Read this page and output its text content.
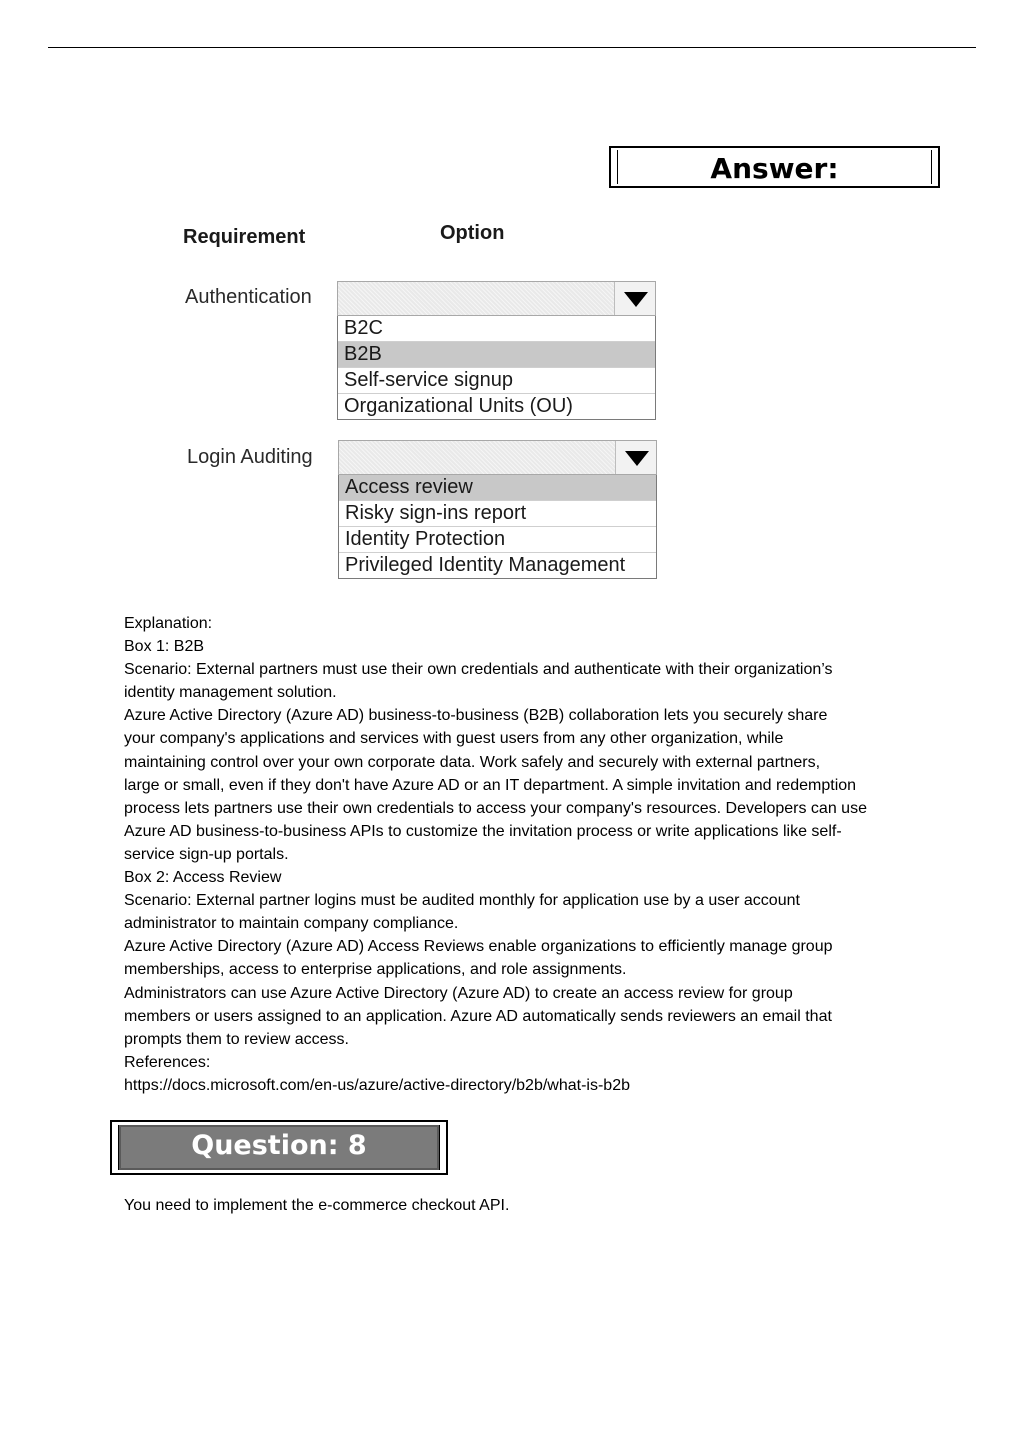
Answer:
Requirement	Option
Authentication
B2C
B2B
Self-service signup
Organizational Units (OU)
Login Auditing
Access review
Risky sign-ins report
Identity Protection
Privileged Identity Management
Explanation:
Box 1: B2B
Scenario: External partners must use their own credentials and authenticate with their organization’s
identity management solution.
Azure Active Directory (Azure AD) business-to-business (B2B) collaboration lets you securely share
your company's applications and services with guest users from any other organization, while
maintaining control over your own corporate data. Work safely and securely with external partners,
large or small, even if they don't have Azure AD or an IT department. A simple invitation and redemption
process lets partners use their own credentials to access your company's resources. Developers can use
Azure AD business-to-business APIs to customize the invitation process or write applications like self-
service sign-up portals.
Box 2: Access Review
Scenario: External partner logins must be audited monthly for application use by a user account
administrator to maintain company compliance.
Azure Active Directory (Azure AD) Access Reviews enable organizations to efficiently manage group
memberships, access to enterprise applications, and role assignments.
Administrators can use Azure Active Directory (Azure AD) to create an access review for group
members or users assigned to an application. Azure AD automatically sends reviewers an email that
prompts them to review access.
References:
https://docs.microsoft.com/en-us/azure/active-directory/b2b/what-is-b2b
Question: 8
You need to implement the e-commerce checkout API.
